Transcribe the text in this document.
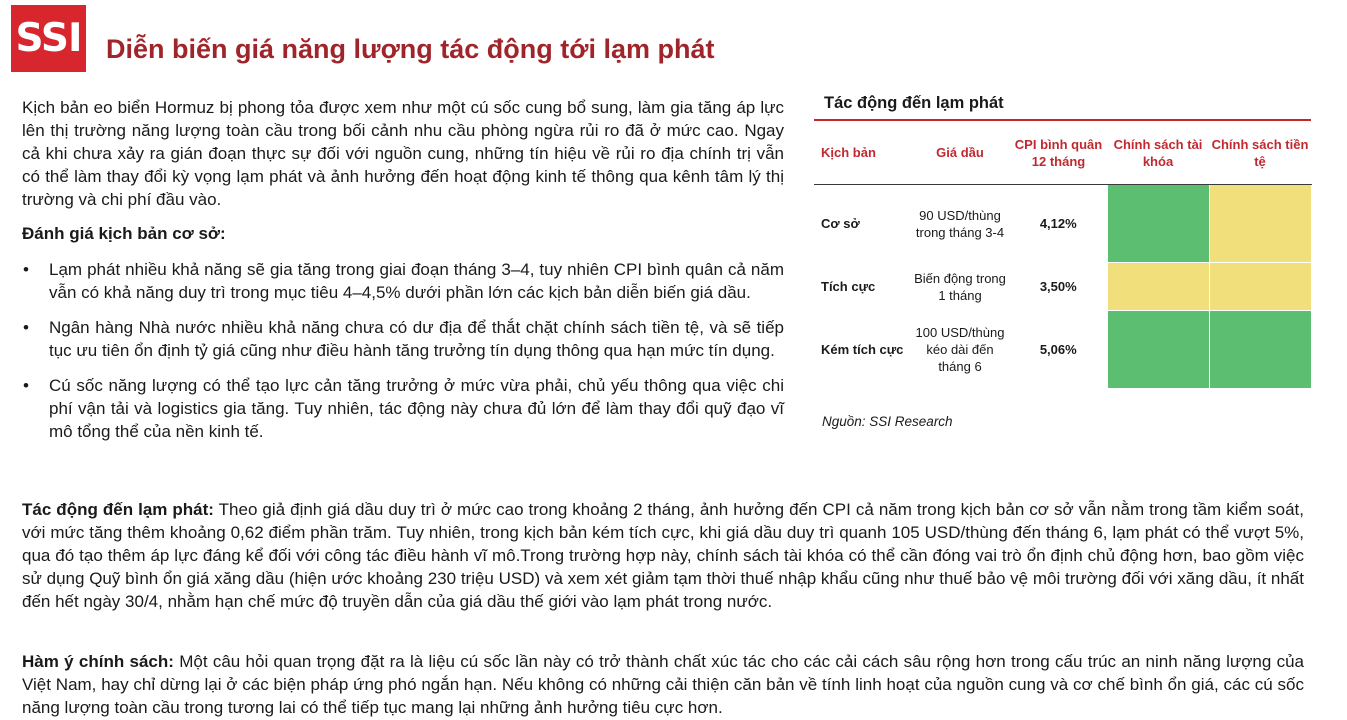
SSI Diễn biến giá năng lượng tác động tới lạm phát

Kịch bản eo biển Hormuz bị phong tỏa được xem như một cú sốc cung bổ sung, làm gia tăng áp lực lên thị trường năng lượng toàn cầu trong bối cảnh nhu cầu phòng ngừa rủi ro đã ở mức cao. Ngay cả khi chưa xảy ra gián đoạn thực sự đối với nguồn cung, những tín hiệu về rủi ro địa chính trị vẫn có thể làm thay đổi kỳ vọng lạm phát và ảnh hưởng đến hoạt động kinh tế thông qua kênh tâm lý thị trường và chi phí đầu vào.

Đánh giá kịch bản cơ sở:

• Lạm phát nhiều khả năng sẽ gia tăng trong giai đoạn tháng 3–4, tuy nhiên CPI bình quân cả năm vẫn có khả năng duy trì trong mục tiêu 4–4,5% dưới phần lớn các kịch bản diễn biến giá dầu.
• Ngân hàng Nhà nước nhiều khả năng chưa có dư địa để thắt chặt chính sách tiền tệ, và sẽ tiếp tục ưu tiên ổn định tỷ giá cũng như điều hành tăng trưởng tín dụng thông qua hạn mức tín dụng.
• Cú sốc năng lượng có thể tạo lực cản tăng trưởng ở mức vừa phải, chủ yếu thông qua việc chi phí vận tải và logistics gia tăng. Tuy nhiên, tác động này chưa đủ lớn để làm thay đổi quỹ đạo vĩ mô tổng thể của nền kinh tế.

Tác động đến lạm phát

Kịch bản	Giá dầu	CPI bình quân 12 tháng	Chính sách tài khóa	Chính sách tiền tệ
Cơ sở	90 USD/thùng trong tháng 3-4	4,12%		
Tích cực	Biến động trong 1 tháng	3,50%		
Kém tích cực	100 USD/thùng kéo dài đến tháng 6	5,06%		

Nguồn: SSI Research

Tác động đến lạm phát: Theo giả định giá dầu duy trì ở mức cao trong khoảng 2 tháng, ảnh hưởng đến CPI cả năm trong kịch bản cơ sở vẫn nằm trong tầm kiểm soát, với mức tăng thêm khoảng 0,62 điểm phần trăm. Tuy nhiên, trong kịch bản kém tích cực, khi giá dầu duy trì quanh 105 USD/thùng đến tháng 6, lạm phát có thể vượt 5%, qua đó tạo thêm áp lực đáng kể đối với công tác điều hành vĩ mô.Trong trường hợp này, chính sách tài khóa có thể cần đóng vai trò ổn định chủ động hơn, bao gồm việc sử dụng Quỹ bình ổn giá xăng dầu (hiện ước khoảng 230 triệu USD) và xem xét giảm tạm thời thuế nhập khẩu cũng như thuế bảo vệ môi trường đối với xăng dầu, ít nhất đến hết ngày 30/4, nhằm hạn chế mức độ truyền dẫn của giá dầu thế giới vào lạm phát trong nước.

Hàm ý chính sách: Một câu hỏi quan trọng đặt ra là liệu cú sốc lần này có trở thành chất xúc tác cho các cải cách sâu rộng hơn trong cấu trúc an ninh năng lượng của Việt Nam, hay chỉ dừng lại ở các biện pháp ứng phó ngắn hạn. Nếu không có những cải thiện căn bản về tính linh hoạt của nguồn cung và cơ chế bình ổn giá, các cú sốc năng lượng toàn cầu trong tương lai có thể tiếp tục mang lại những ảnh hưởng tiêu cực hơn.
